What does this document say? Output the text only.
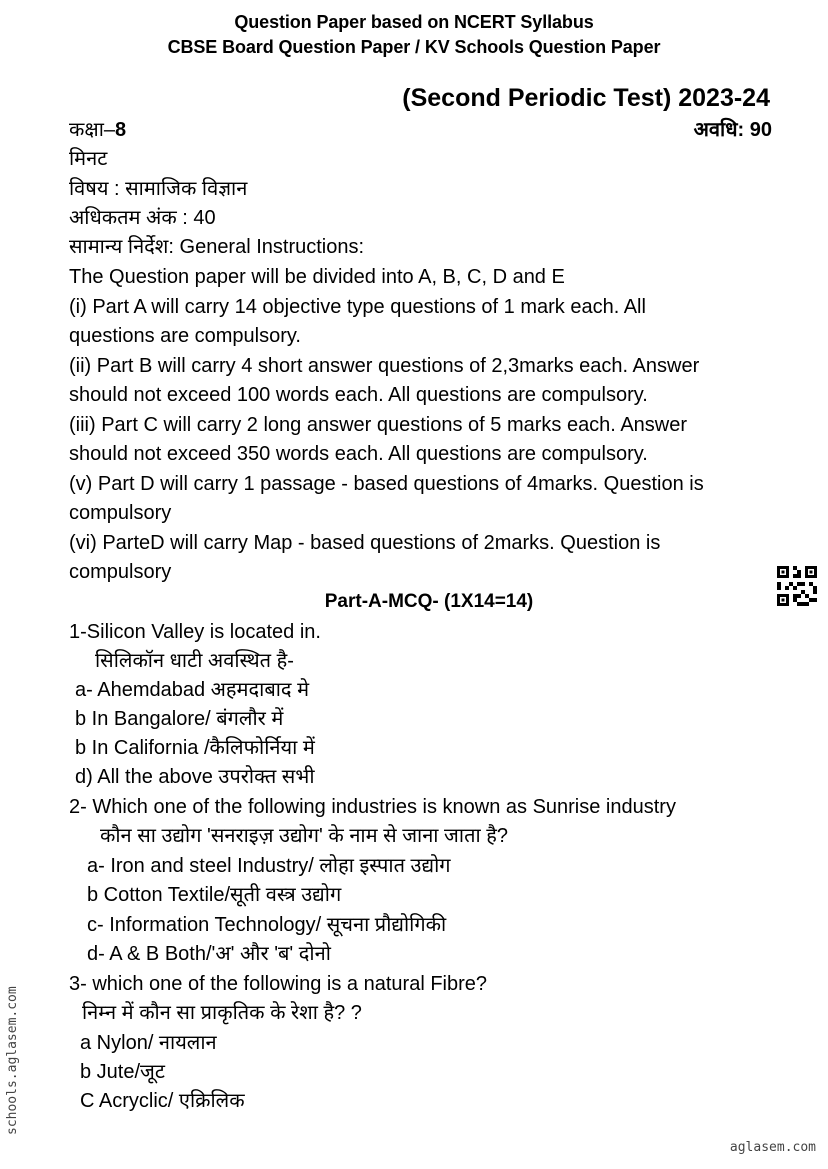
Question Paper based on NCERT Syllabus
CBSE Board Question Paper / KV Schools Question Paper
(Second Periodic Test) 2023-24
कक्षा–8	अवधि: 90
मिनट
विषय : सामाजिक विज्ञान
अधिकतम अंक : 40
सामान्य निर्देश: General Instructions:
The Question paper will be divided into A, B, C, D and E
(i) Part A will carry 14 objective type questions of 1 mark each. All
questions are compulsory.
(ii) Part B will carry 4 short answer questions of 2,3marks each. Answer
should not exceed 100 words each. All questions are compulsory.
(iii) Part C will carry 2 long answer questions of 5 marks each. Answer
should not exceed 350 words each. All questions are compulsory.
(v) Part D will carry 1 passage - based questions of 4marks. Question is
compulsory
(vi) ParteD will carry Map - based questions of 2marks. Question is
compulsory
Part-A-MCQ- (1X14=14)
1-Silicon Valley is located in.
सिलिकॉन धाटी अवस्थित है-
a- Ahemdabad अहमदाबाद मे
b In Bangalore/ बंगलौर में
b In California /कैलिफोर्निया में
d) All the above उपरोक्त सभी
2- Which one of the following industries is known as Sunrise industry
कौन सा उद्योग 'सनराइज़ उद्योग' के नाम से जाना जाता है?
a- Iron and steel Industry/ लोहा इस्पात उद्योग
b Cotton Textile/सूती वस्त्र उद्योग
c- Information Technology/ सूचना प्रौद्योगिकी
d- A & B Both/'अ' और 'ब' दोनो
3- which one of the following is a natural Fibre?
निम्न में कौन सा प्राकृतिक के रेशा है? ?
a Nylon/ नायलान
b Jute/जूट
C Acryclic/ एक्रिलिक
schools.aglasem.com
aglasem.com
